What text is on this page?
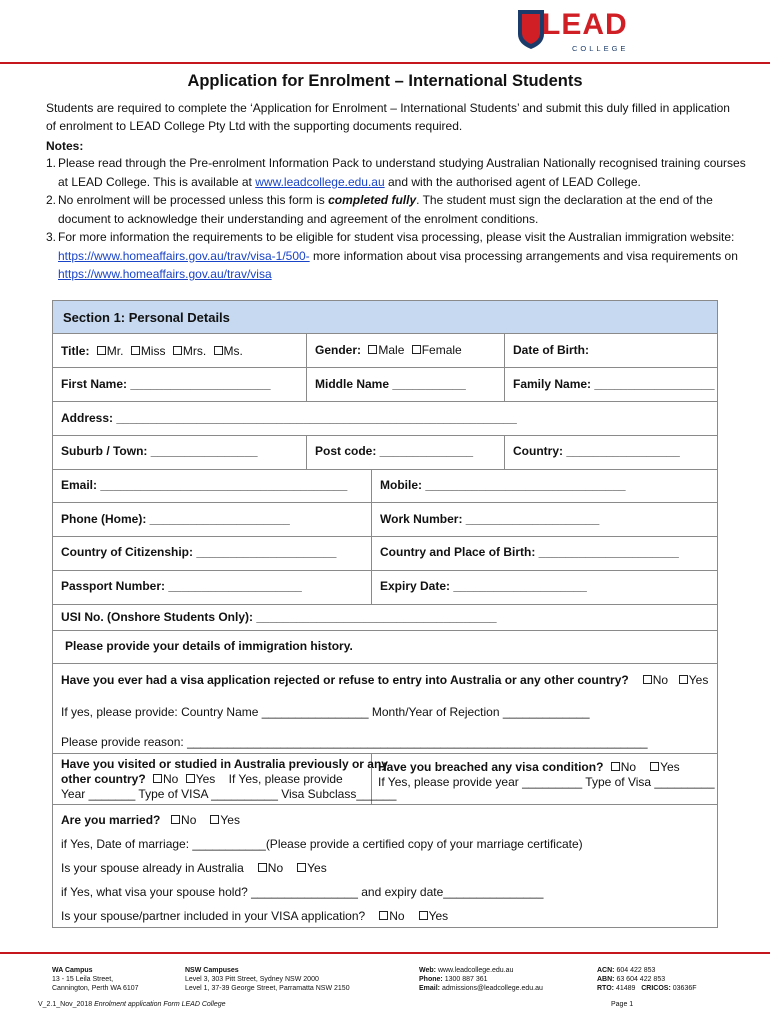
LEAD
COLLEGE
Application for Enrolment – International Students
Students are required to complete the ‘Application for Enrolment – International Students’ and submit this duly filled in application of enrolment to LEAD College Pty Ltd with the supporting documents required.
Notes:
1. Please read through the Pre-enrolment Information Pack to understand studying Australian Nationally recognised training courses at LEAD College. This is available at www.leadcollege.edu.au and with the authorised agent of LEAD College.
2. No enrolment will be processed unless this form is completed fully. The student must sign the declaration at the end of the document to acknowledge their understanding and agreement of the enrolment conditions.
3. For more information the requirements to be eligible for student visa processing, please visit the Australian immigration website:
https://www.homeaffairs.gov.au/trav/visa-1/500- more information about visa processing arrangements and visa requirements on
https://www.homeaffairs.gov.au/trav/visa
Section 1: Personal Details
Title: Mr. Miss Mrs. Ms.	Gender: Male Female	Date of Birth:
First Name: _____________________	Middle Name ___________	Family Name: __________________
Address: ____________________________________________________________
Suburb / Town: ________________	Post code: ______________	Country: _________________
Email: _____________________________________	Mobile: ______________________________
Phone (Home): _____________________	Work Number: ____________________
Country of Citizenship: _____________________	Country and Place of Birth: _____________________
Passport Number: ____________________	Expiry Date: ____________________
USI No. (Onshore Students Only): ____________________________________
Please provide your details of immigration history.
Have you ever had a visa application rejected or refuse to entry into Australia or any other country? No Yes
If yes, please provide: Country Name ________________ Month/Year of Rejection _____________
Please provide reason: _____________________________________________________________________
Have you visited or studied in Australia previously or any
other country? No Yes If Yes, please provide
Year _______ Type of VISA __________ Visa Subclass______
Have you breached any visa condition? No Yes
If Yes, please provide year _________ Type of Visa _________
Are you married? No Yes
if Yes, Date of marriage: ___________(Please provide a certified copy of your marriage certificate)
Is your spouse already in Australia No Yes
if Yes, what visa your spouse hold? ________________ and expiry date_______________
Is your spouse/partner included in your VISA application? No Yes
WA Campus
13 - 15 Leila Street,
Cannington, Perth WA 6107
NSW Campuses
Level 3, 303 Pitt Street, Sydney NSW 2000
Level 1, 37-39 George Street, Parramatta NSW 2150
Web: www.leadcollege.edu.au
Phone: 1300 887 361
Email: admissions@leadcollege.edu.au
ACN: 604 422 853
ABN: 63 604 422 853
RTO: 41489 CRICOS: 03636F
V_2.1_Nov_2018 Enrolment application Form LEAD College	Page 1
